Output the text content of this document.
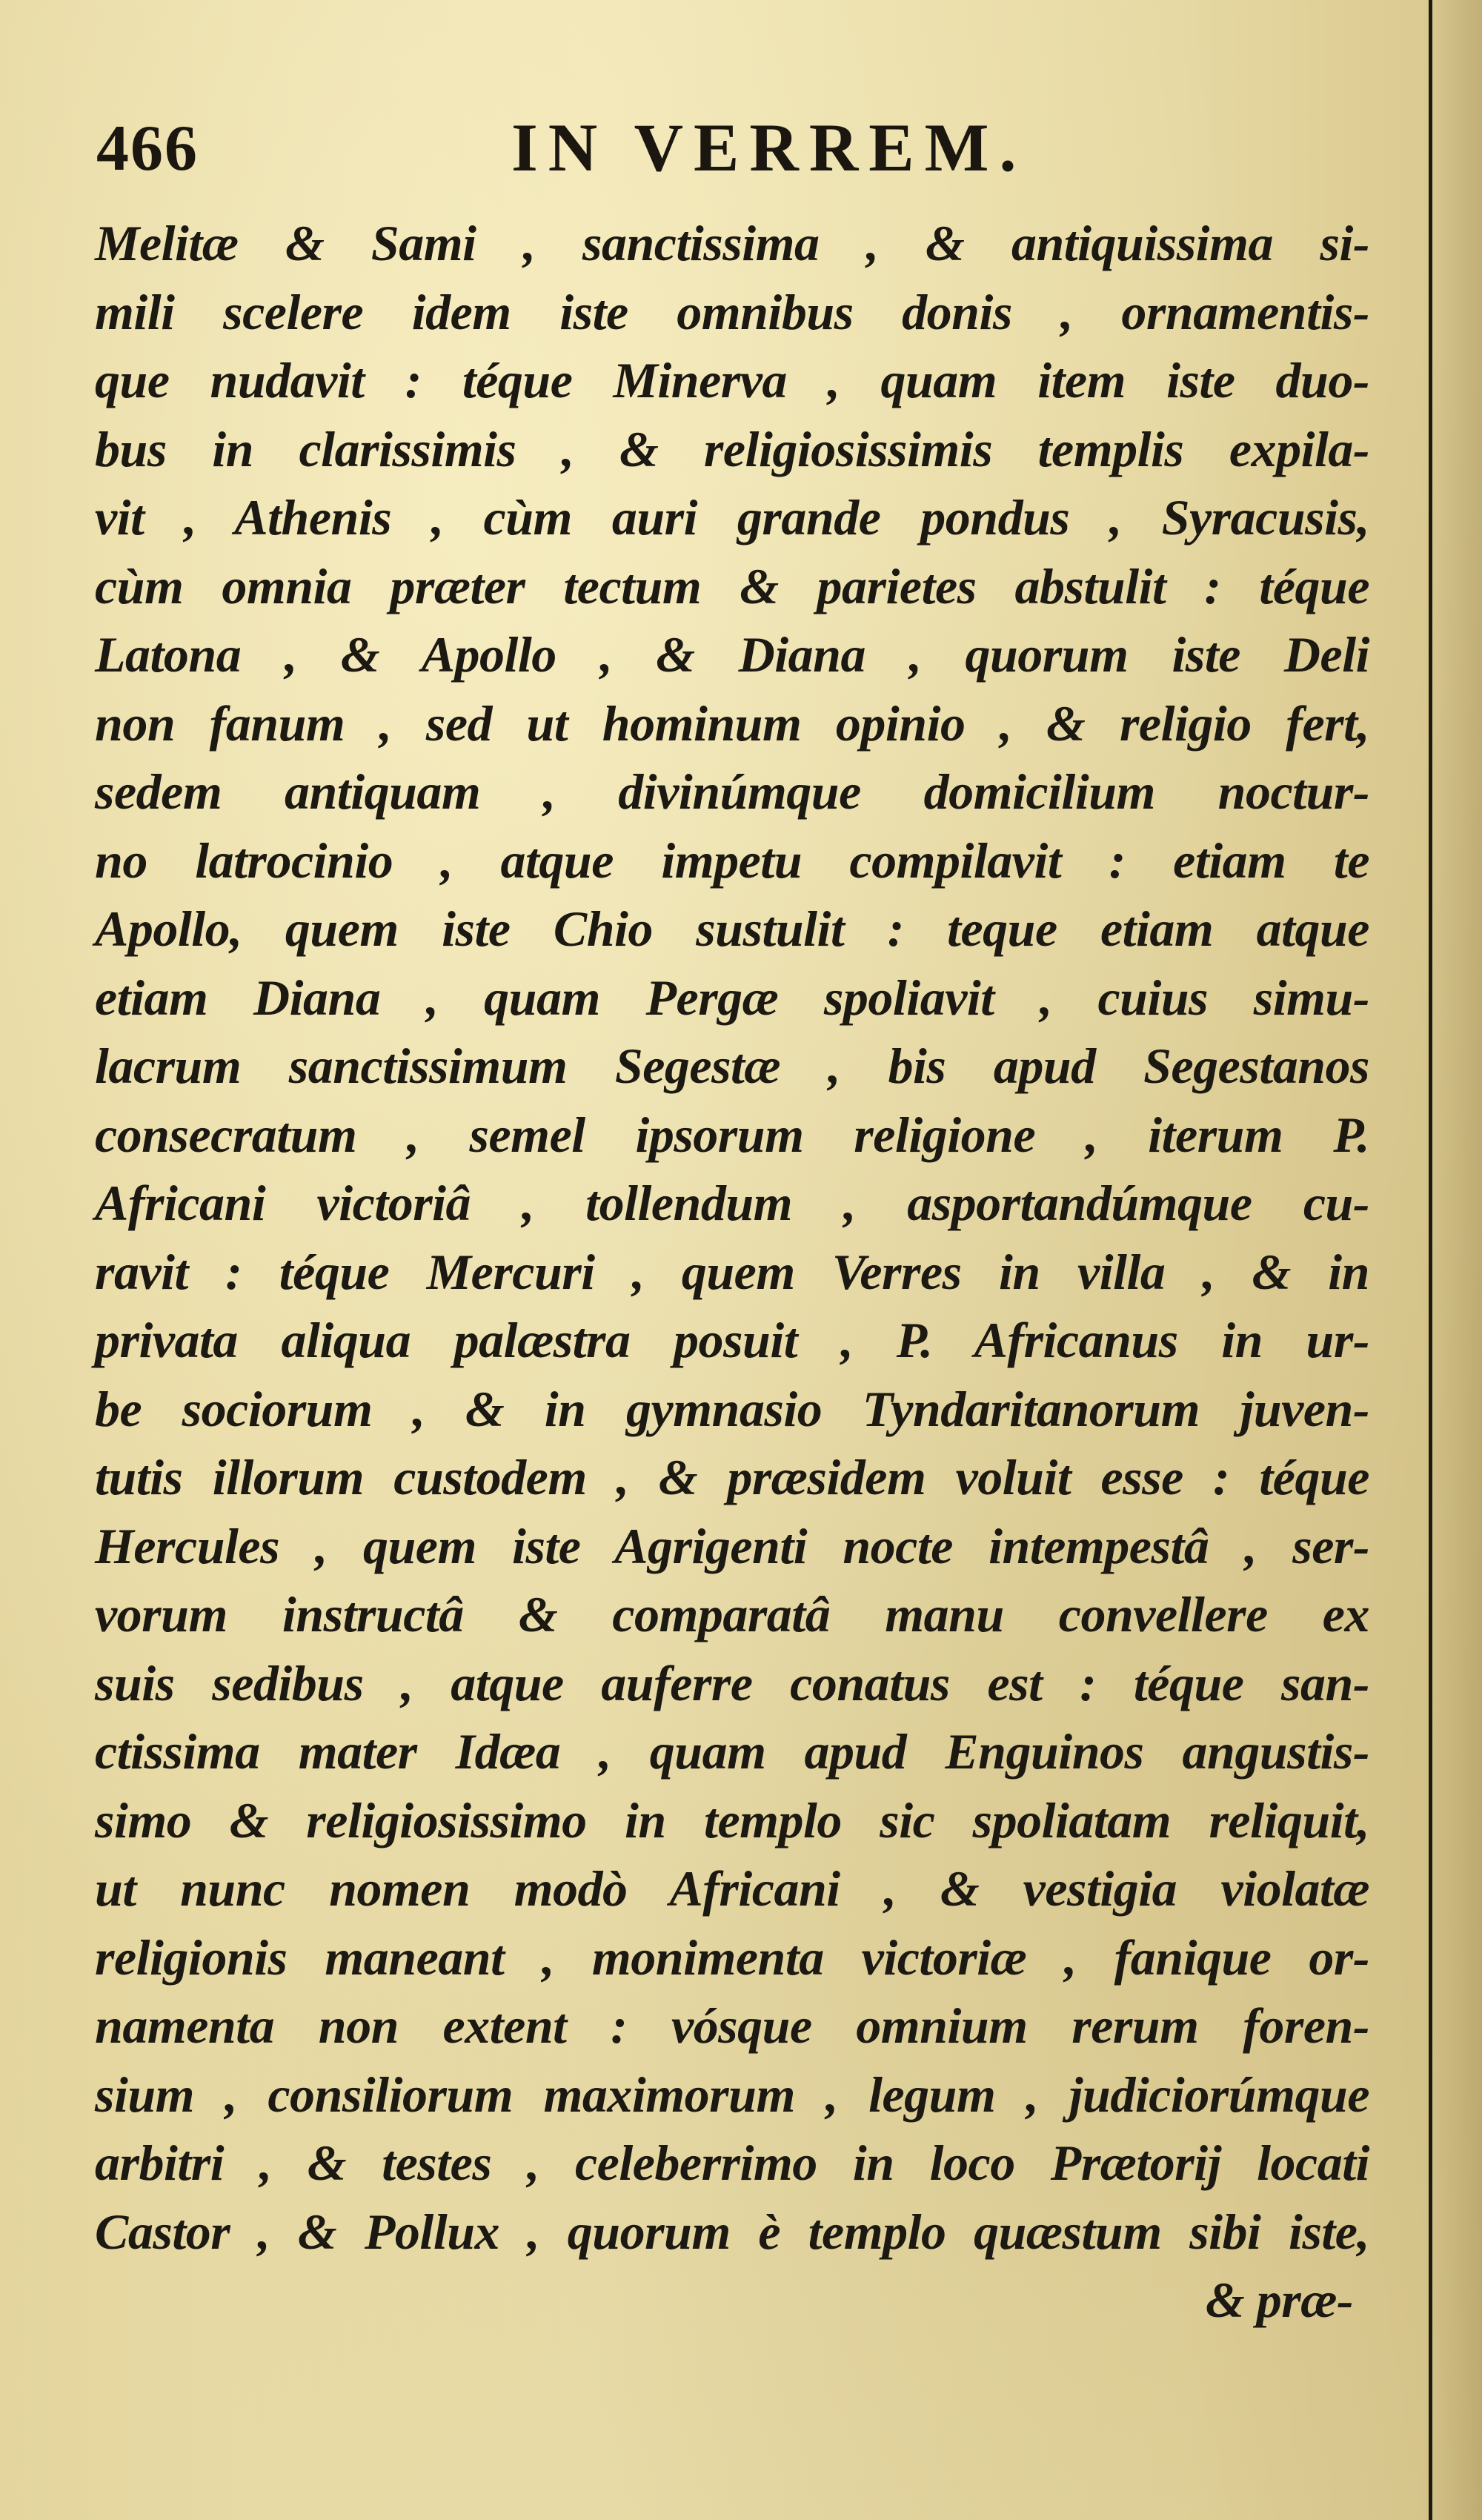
466	IN VERREM.
Melitæ & Sami , sanctissima , & antiquissima si-
mili scelere idem iste omnibus donis , ornamentis-
que nudavit : téque Minerva , quam item iste duo-
bus in clarissimis , & religiosissimis templis expila-
vit , Athenis , cùm auri grande pondus , Syracusis,
cùm omnia præter tectum & parietes abstulit : téque
Latona , & Apollo , & Diana , quorum iste Deli
non fanum , sed ut hominum opinio , & religio fert,
sedem antiquam , divinúmque domicilium noctur-
no latrocinio , atque impetu compilavit : etiam te
Apollo, quem iste Chio sustulit : teque etiam atque
etiam Diana , quam Pergæ spoliavit , cuius simu-
lacrum sanctissimum Segestæ , bis apud Segestanos
consecratum , semel ipsorum religione , iterum P.
Africani victoriâ , tollendum , asportandúmque cu-
ravit : téque Mercuri , quem Verres in villa , & in
privata aliqua palæstra posuit , P. Africanus in ur-
be sociorum , & in gymnasio Tyndaritanorum juven-
tutis illorum custodem , & præsidem voluit esse : téque
Hercules , quem iste Agrigenti nocte intempestâ , ser-
vorum instructâ & comparatâ manu convellere ex
suis sedibus , atque auferre conatus est : téque san-
ctissima mater Idæa , quam apud Enguinos angustis-
simo & religiosissimo in templo sic spoliatam reliquit,
ut nunc nomen modò Africani , & vestigia violatæ
religionis maneant , monimenta victoriæ , fanique or-
namenta non extent : vósque omnium rerum foren-
sium , consiliorum maximorum , legum , judiciorúmque
arbitri , & testes , celeberrimo in loco Prætorij locati
Castor , & Pollux , quorum è templo quæstum sibi iste,
& præ-
